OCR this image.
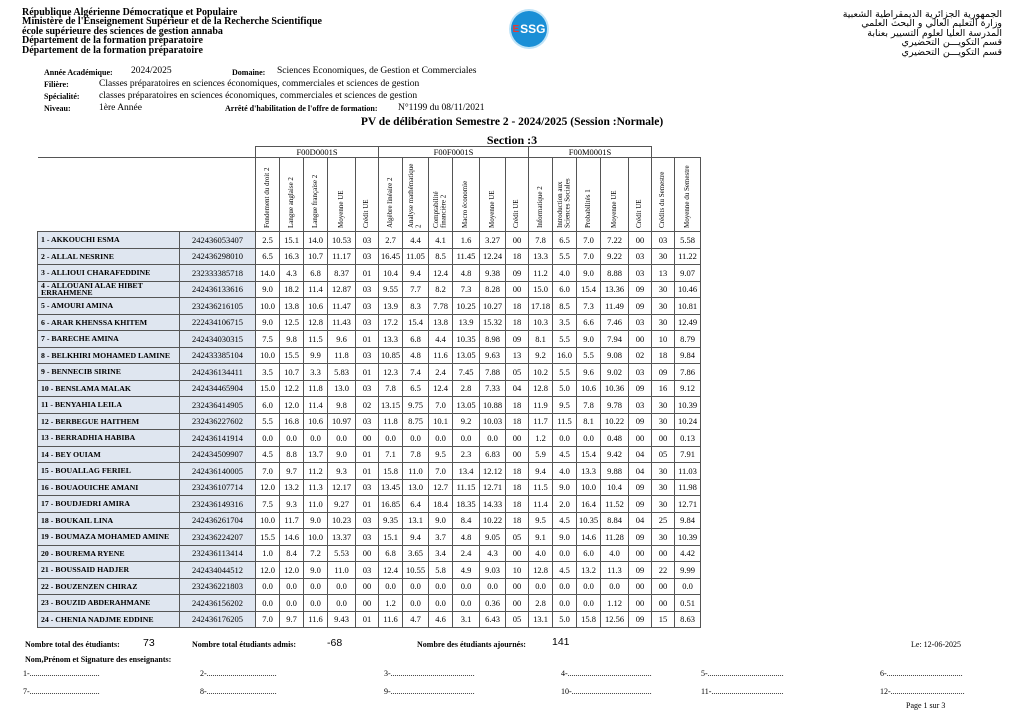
République Algérienne Démocratique et Populaire
Ministère de l'Enseignement Supérieur et de la Recherche Scientifique
école supérieure des sciences de gestion annaba
Département de la formation préparatoire
Département de la formation préparatoire
E SSG
الجمهورية الجزائرية الديمقراطية الشعبية
وزارة التعليم العالي و البحث العلمي
المدرسة العليا لعلوم التسيير بعنابة
قسم التكويـــن التحضيري
قسم التكويـــن التحضيري
Année Académique: 2024/2025	Domaine: Sciences Economiques, de Gestion et Commerciales
Filière:	Classes préparatoires en sciences économiques, commerciales et sciences de gestion
Spécialité: classes préparatoires en sciences économiques, commerciales et sciences de gestion
Niveau:	1ère Année	Arrêté d'habilitation de l'offre de formation: N°1199 du 08/11/2021
PV de délibération Semestre 2 - 2024/2025 (Session :Normale)
Section :3
		F00D0001S					F00F0001S						F00M0001S						

		Fondement du droit 2	Langue anglaise 2	Langue française 2	Moyenne UE	Crédit UE	Algèbre linéaire 2	Analyse mathématique 2	Comptabilité financière 2	Macro économie	Moyenne UE	Crédit UE	Informatique 2	Introduction aux Sciences Sociales	Probabilités 1	Moyenne UE	Crédit UE	Crédits du Semestre	Moyenne du Semestre

1 - AKKOUCHI ESMA	242436053407	2.5	15.1	14.0	10.53	03	2.7	4.4	4.1	1.6	3.27	00	7.8	6.5	7.0	7.22	00	03	5.58
2 - ALLAL NESRINE	242436298010	6.5	16.3	10.7	11.17	03	16.45	11.05	8.5	11.45	12.24	18	13.3	5.5	7.0	9.22	03	30	11.22
3 - ALLIOUI CHARAFEDDINE	232333385718	14.0	4.3	6.8	8.37	01	10.4	9.4	12.4	4.8	9.38	09	11.2	4.0	9.0	8.88	03	13	9.07
4 - ALLOUANI ALAE HIBET ERRAHMENE	242436133616	9.0	18.2	11.4	12.87	03	9.55	7.7	8.2	7.3	8.28	00	15.0	6.0	15.4	13.36	09	30	10.46
5 - AMOURI AMINA	232436216105	10.0	13.8	10.6	11.47	03	13.9	8.3	7.78	10.25	10.27	18	17.18	8.5	7.3	11.49	09	30	10.81
6 - ARAR KHENSSA KHITEM	222434106715	9.0	12.5	12.8	11.43	03	17.2	15.4	13.8	13.9	15.32	18	10.3	3.5	6.6	7.46	03	30	12.49
7 - BARECHE AMINA	242434030315	7.5	9.8	11.5	9.6	01	13.3	6.8	4.4	10.35	8.98	09	8.1	5.5	9.0	7.94	00	10	8.79
8 - BELKHIRI MOHAMED LAMINE	242433385104	10.0	15.5	9.9	11.8	03	10.85	4.8	11.6	13.05	9.63	13	9.2	16.0	5.5	9.08	02	18	9.84
9 - BENNECIB SIRINE	242436134411	3.5	10.7	3.3	5.83	01	12.3	7.4	2.4	7.45	7.88	05	10.2	5.5	9.6	9.02	03	09	7.86
10 - BENSLAMA MALAK	242434465904	15.0	12.2	11.8	13.0	03	7.8	6.5	12.4	2.8	7.33	04	12.8	5.0	10.6	10.36	09	16	9.12
11 - BENYAHIA LEILA	232436414905	6.0	12.0	11.4	9.8	02	13.15	9.75	7.0	13.05	10.88	18	11.9	9.5	7.8	9.78	03	30	10.39
12 - BERBEGUE HAITHEM	232436227602	5.5	16.8	10.6	10.97	03	11.8	8.75	10.1	9.2	10.03	18	11.7	11.5	8.1	10.22	09	30	10.24
13 - BERRADHIA HABIBA	242436141914	0.0	0.0	0.0	0.0	00	0.0	0.0	0.0	0.0	0.0	00	1.2	0.0	0.0	0.48	00	00	0.13
14 - BEY OUIAM	242434509907	4.5	8.8	13.7	9.0	01	7.1	7.8	9.5	2.3	6.83	00	5.9	4.5	15.4	9.42	04	05	7.91
15 - BOUALLAG FERIEL	242436140005	7.0	9.7	11.2	9.3	01	15.8	11.0	7.0	13.4	12.12	18	9.4	4.0	13.3	9.88	04	30	11.03
16 - BOUAOUICHE AMANI	232436107714	12.0	13.2	11.3	12.17	03	13.45	13.0	12.7	11.15	12.71	18	11.5	9.0	10.0	10.4	09	30	11.98
17 - BOUDJEDRI AMIRA	232436149316	7.5	9.3	11.0	9.27	01	16.85	6.4	18.4	18.35	14.33	18	11.4	2.0	16.4	11.52	09	30	12.71
18 - BOUKAIL LINA	242436261704	10.0	11.7	9.0	10.23	03	9.35	13.1	9.0	8.4	10.22	18	9.5	4.5	10.35	8.84	04	25	9.84
19 - BOUMAZA MOHAMED AMINE	232436224207	15.5	14.6	10.0	13.37	03	15.1	9.4	3.7	4.8	9.05	05	9.1	9.0	14.6	11.28	09	30	10.39
20 - BOUREMA RYENE	232436113414	1.0	8.4	7.2	5.53	00	6.8	3.65	3.4	2.4	4.3	00	4.0	0.0	6.0	4.0	00	00	4.42
21 - BOUSSAID HADJER	242434044512	12.0	12.0	9.0	11.0	03	12.4	10.55	5.8	4.9	9.03	10	12.8	4.5	13.2	11.3	09	22	9.99
22 - BOUZENZEN CHIRAZ	232436221803	0.0	0.0	0.0	0.0	00	0.0	0.0	0.0	0.0	0.0	00	0.0	0.0	0.0	0.0	00	00	0.0
23 - BOUZID ABDERAHMANE	242436156202	0.0	0.0	0.0	0.0	00	1.2	0.0	0.0	0.0	0.36	00	2.8	0.0	0.0	1.12	00	00	0.51
24 - CHENIA NADJME EDDINE	242436176205	7.0	9.7	11.6	9.43	01	11.6	4.7	4.6	3.1	6.43	05	13.1	5.0	15.8	12.56	09	15	8.63
Nombre total des étudiants: 73	Nombre total étudiants admis:	-68	Nombre des étudiants ajournés: 141	Le: 12-06-2025
Nom,Prénom et Signature des enseignants:
1-...................................	2-...................................	3-..........................................	4-..........................................	5-......................................	6-......................................
7-...................................	8-...................................	9-..........................................	10-........................................	11-....................................	12-.....................................
Page 1 sur 3
